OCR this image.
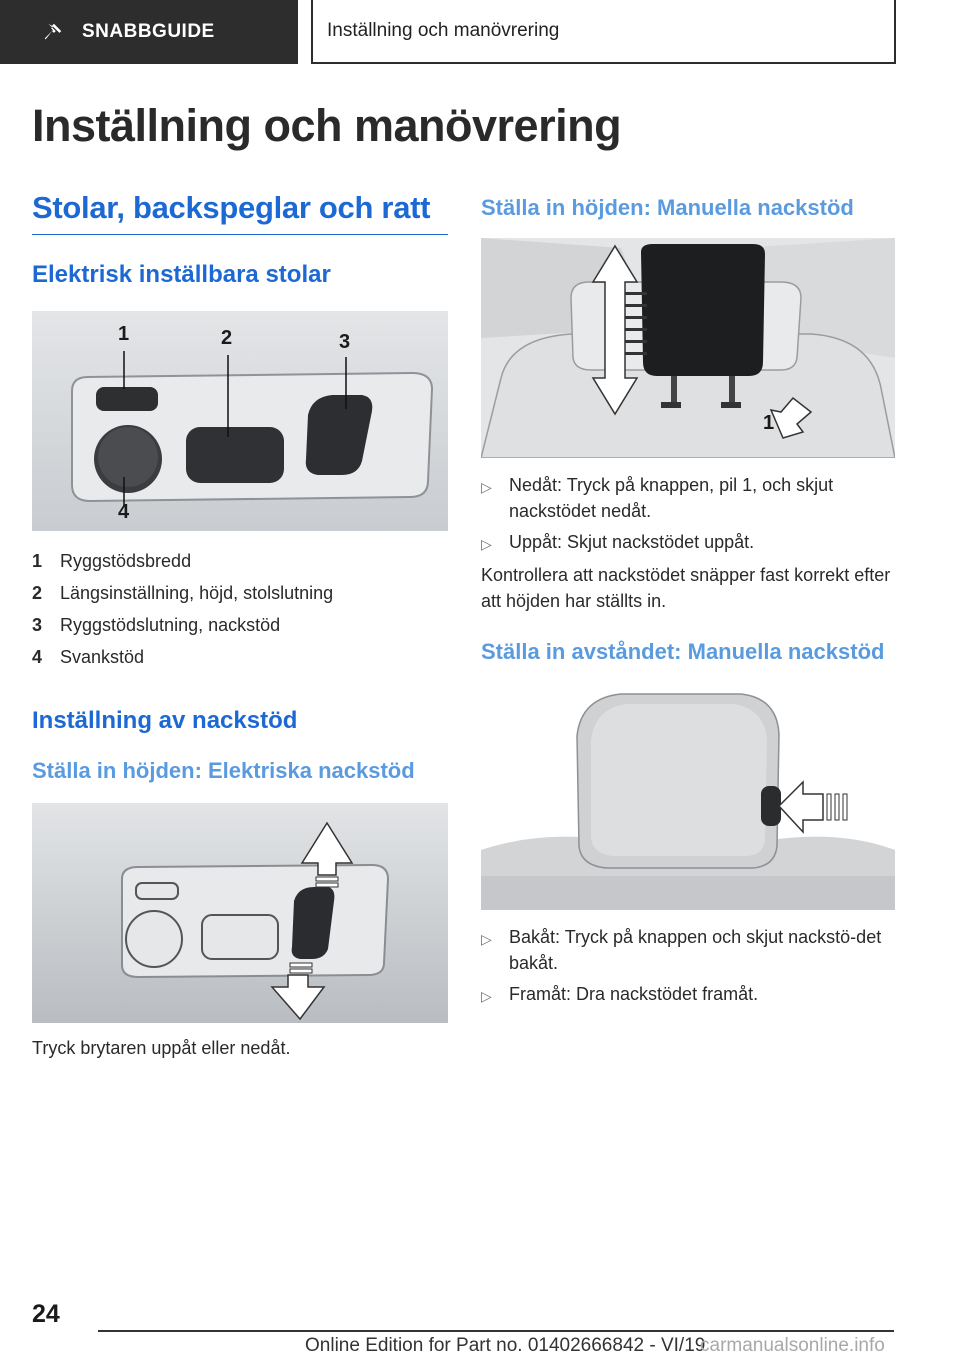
SNABBGUIDE	Inställning och manövrering
Inställning och manövrering
Stolar, backspeglar och ratt
Elektrisk inställbara stolar
1	2	3
4
1 Ryggstödsbredd
2 Längsinställning, höjd, stolslutning
3 Ryggstödslutning, nackstöd
4 Svankstöd
Inställning av nackstöd
Ställa in höjden: Elektriska nackstöd

Tryck brytaren uppåt eller nedåt.

Ställa in höjden: Manuella nackstöd
1
▷ Nedåt: Tryck på knappen, pil 1, och skjut nackstödet nedåt.
▷ Uppåt: Skjut nackstödet uppåt.

Kontrollera att nackstödet snäpper fast korrekt efter att höjden har ställts in.

Ställa in avståndet: Manuella nackstöd
▷ Bakåt: Tryck på knappen och skjut nackstö-det bakåt.
▷ Framåt: Dra nackstödet framåt.
24
Online Edition for Part no. 01402666842 - VI/19
carmanualsonline.info
